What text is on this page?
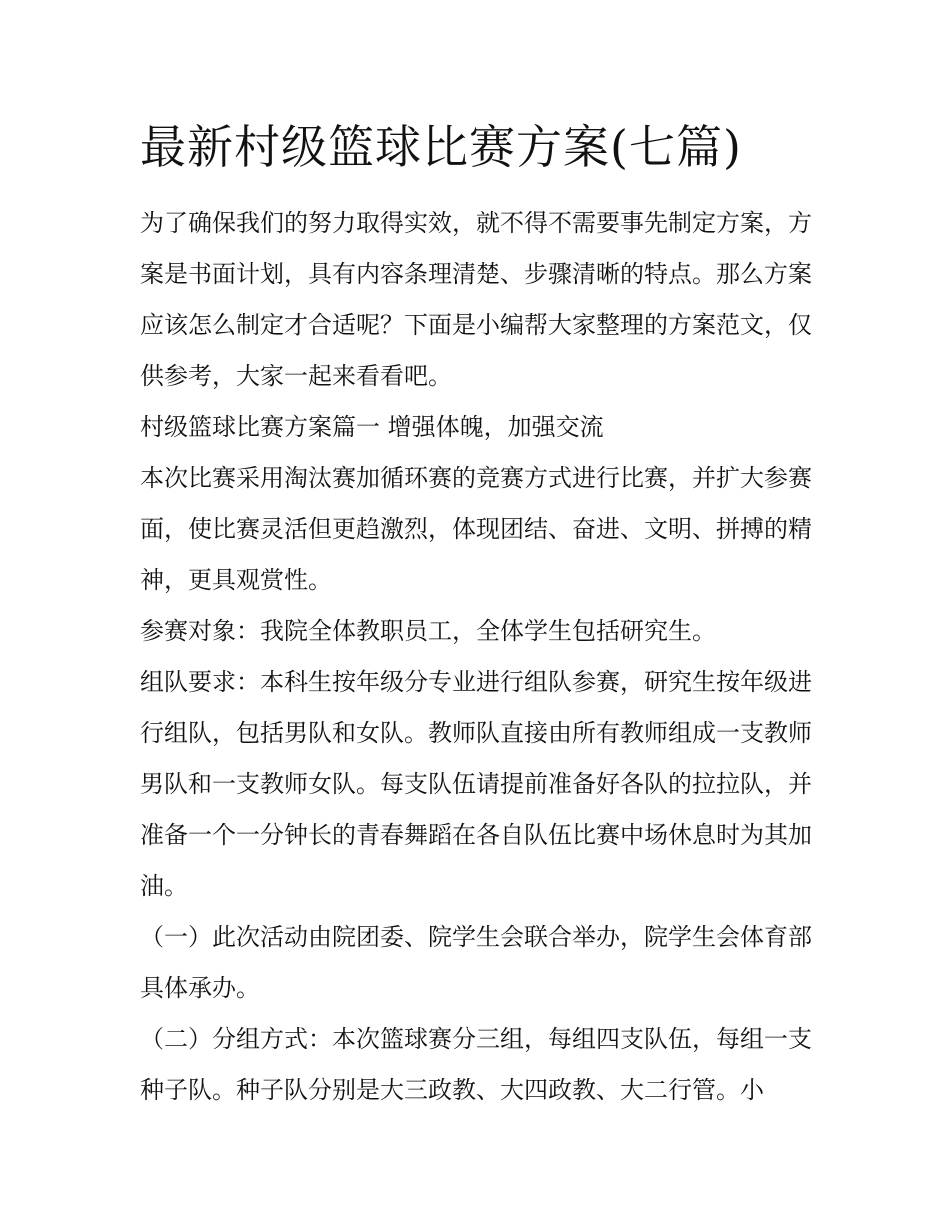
最新村级篮球比赛方案(七篇)

为了确保我们的努力取得实效，就不得不需要事先制定方案，方案是书面计划，具有内容条理清楚、步骤清晰的特点。那么方案应该怎么制定才合适呢？下面是小编帮大家整理的方案范文，仅供参考，大家一起来看看吧。

村级篮球比赛方案篇一 增强体魄，加强交流

本次比赛采用淘汰赛加循环赛的竞赛方式进行比赛，并扩大参赛面，使比赛灵活但更趋激烈，体现团结、奋进、文明、拼搏的精神，更具观赏性。

参赛对象：我院全体教职员工，全体学生包括研究生。

组队要求：本科生按年级分专业进行组队参赛，研究生按年级进行组队，包括男队和女队。教师队直接由所有教师组成一支教师男队和一支教师女队。每支队伍请提前准备好各队的拉拉队，并准备一个一分钟长的青春舞蹈在各自队伍比赛中场休息时为其加油。

（一）此次活动由院团委、院学生会联合举办，院学生会体育部具体承办。

（二）分组方式：本次篮球赛分三组，每组四支队伍，每组一支种子队。种子队分别是大三政教、大四政教、大二行管。小
